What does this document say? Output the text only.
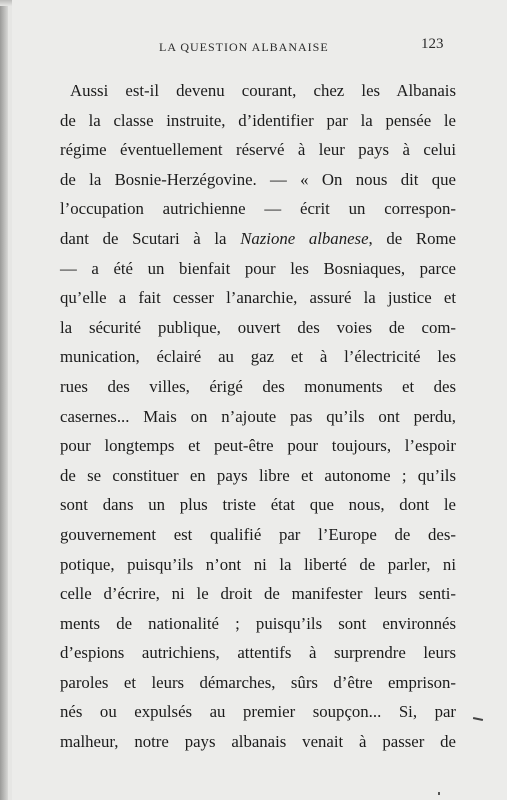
LA QUESTION ALBANAISE	123
Aussi est-il devenu courant, chez les Albanais
de la classe instruite, d’identifier par la pensée le
régime éventuellement réservé à leur pays à celui
de la Bosnie-Herzégovine. — « On nous dit que
l’occupation autrichienne — écrit un correspon-
dant de Scutari à la Nazione albanese, de Rome
— a été un bienfait pour les Bosniaques, parce
qu’elle a fait cesser l’anarchie, assuré la justice et
la sécurité publique, ouvert des voies de com-
munication, éclairé au gaz et à l’électricité les
rues des villes, érigé des monuments et des
casernes... Mais on n’ajoute pas qu’ils ont perdu,
pour longtemps et peut-être pour toujours, l’espoir
de se constituer en pays libre et autonome ; qu’ils
sont dans un plus triste état que nous, dont le
gouvernement est qualifié par l’Europe de des-
potique, puisqu’ils n’ont ni la liberté de parler, ni
celle d’écrire, ni le droit de manifester leurs senti-
ments de nationalité ; puisqu’ils sont environnés
d’espions autrichiens, attentifs à surprendre leurs
paroles et leurs démarches, sûrs d’être emprison-
nés ou expulsés au premier soupçon... Si, par
malheur, notre pays albanais venait à passer de
